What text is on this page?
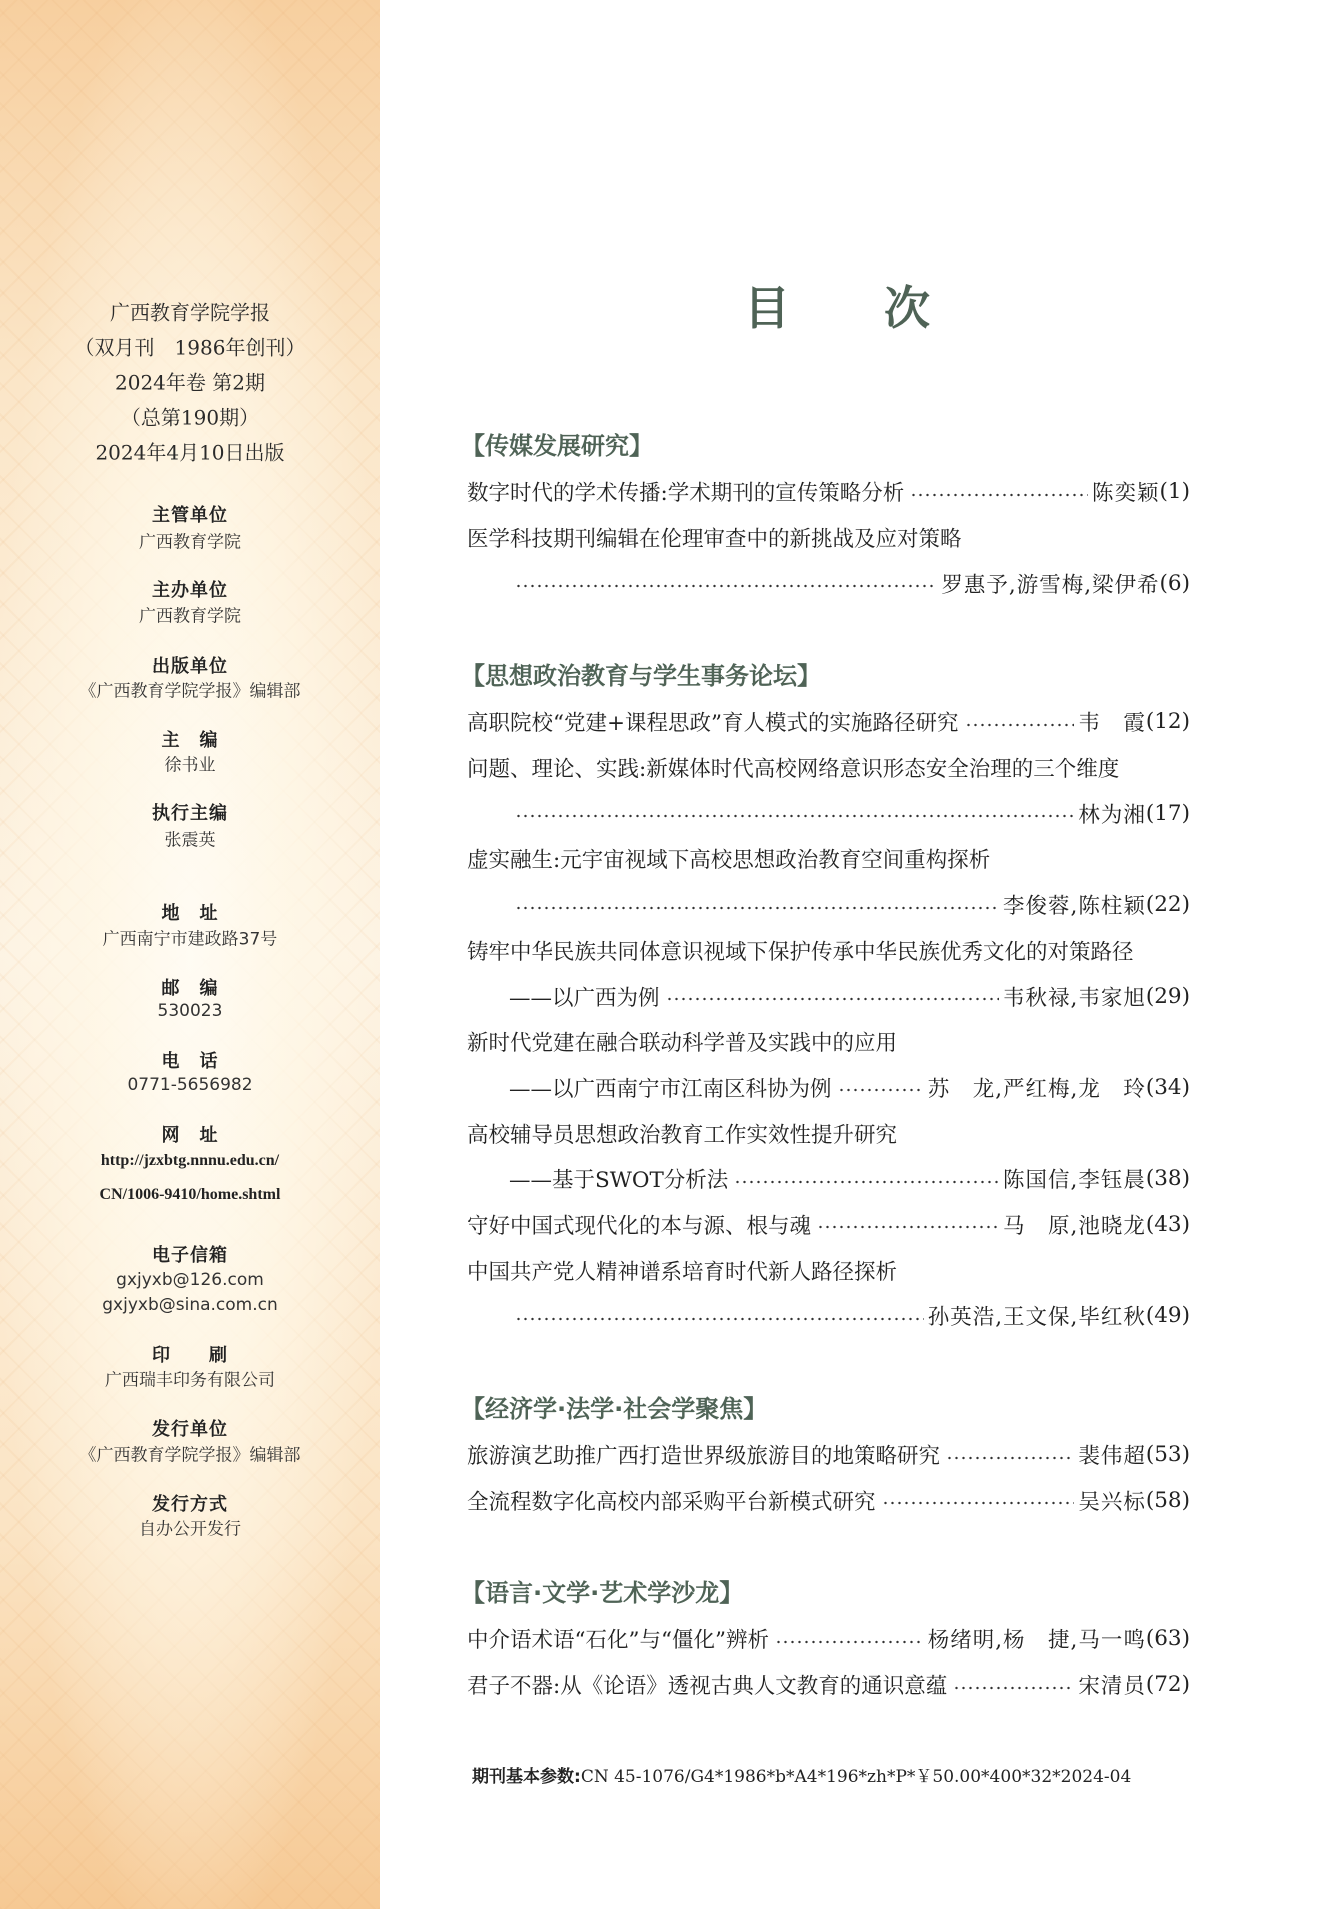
广西教育学院学报
（双月刊　1986年创刊）
2024年卷 第2期
（总第190期）
2024年4月10日出版
主管单位
广西教育学院
主办单位
广西教育学院
出版单位
《广西教育学院学报》编辑部
主　编
徐书业
执行主编
张震英
地　址
广西南宁市建政路37号
邮　编
530023
电　话
0771-5656982
网　址
http://jzxbtg.nnnu.edu.cn/
CN/1006-9410/home.shtml
电子信箱
gxjyxb@126.com
gxjyxb@sina.com.cn
印　　刷
广西瑞丰印务有限公司
发行单位
《广西教育学院学报》编辑部
发行方式
自办公开发行
目 次
【传媒发展研究】
数字时代的学术传播:学术期刊的宣传策略分析	陈奕颖 (1)
医学科技期刊编辑在伦理审查中的新挑战及应对策略
罗惠予,游雪梅,梁伊希 (6)
【思想政治教育与学生事务论坛】
高职院校“党建+课程思政”育人模式的实施路径研究	韦　霞 (12)
问题、理论、实践:新媒体时代高校网络意识形态安全治理的三个维度
林为湘 (17)
虚实融生:元宇宙视域下高校思想政治教育空间重构探析
李俊蓉,陈柱颖 (22)
铸牢中华民族共同体意识视域下保护传承中华民族优秀文化的对策路径
——以广西为例	韦秋禄,韦家旭 (29)
新时代党建在融合联动科学普及实践中的应用
——以广西南宁市江南区科协为例	苏　龙,严红梅,龙　玲 (34)
高校辅导员思想政治教育工作实效性提升研究
——基于SWOT分析法	陈国信,李钰晨 (38)
守好中国式现代化的本与源、根与魂	马　原,池晓龙 (43)
中国共产党人精神谱系培育时代新人路径探析
孙英浩,王文保,毕红秋 (49)
【经济学·法学·社会学聚焦】
旅游演艺助推广西打造世界级旅游目的地策略研究	裴伟超 (53)
全流程数字化高校内部采购平台新模式研究	吴兴标 (58)
【语言·文学·艺术学沙龙】
中介语术语“石化”与“僵化”辨析	杨绪明,杨　捷,马一鸣 (63)
君子不器:从《论语》透视古典人文教育的通识意蕴	宋清员 (72)
期刊基本参数:CN 45-1076/G4*1986*b*A4*196*zh*P*￥50.00*400*32*2024-04
